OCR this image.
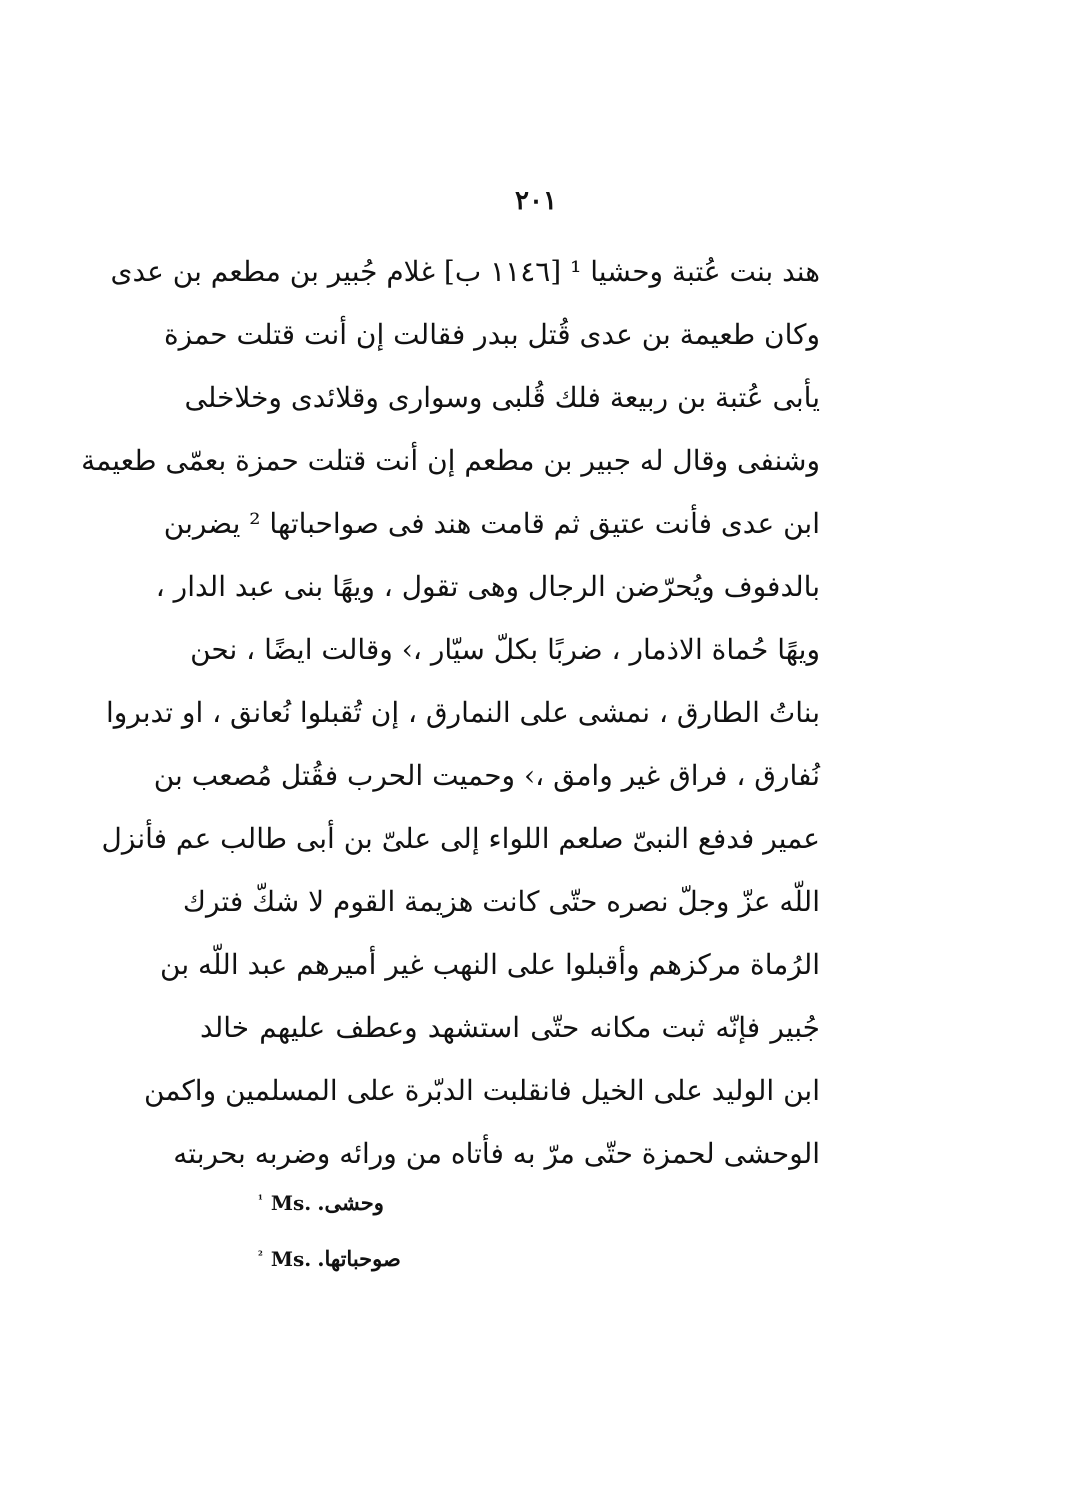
٢٠١
هند بنت عُتبة وحشيا ¹ [١١٤٦ ب] غلام جُبير بن مطعم بن عدى
وكان طعيمة بن عدى قُتل ببدر فقالت إن أنت قتلت حمزة
يأبى عُتبة بن ربيعة فلك قُلبى وسوارى وقلائدى وخلاخلى
وشنفى وقال له جبير بن مطعم إن أنت قتلت حمزة بعمّى طعيمة
ابن عدى فأنت عتيق ثم قامت هند فى صواحباتها ² يضربن
بالدفوف ويُحرّضن الرجال وهى تقول ، ويهًا بنى عبد الدار ،
ويهًا حُماة الاذمار ، ضربًا بكلّ سيّار ،› وقالت ايضًا ، نحن
بناتُ الطارق ، نمشى على النمارق ، إن تُقبلوا نُعانق ، او تدبروا
نُفارق ، فراق غير وامق ،› وحميت الحرب فقُتل مُصعب بن
عمير فدفع النبىّ صلعم اللواء إلى علىّ بن أبى طالب عم فأنزل
اللّه عزّ وجلّ نصره حتّى كانت هزيمة القوم لا شكّ فترك
الرُماة مركزهم وأقبلوا على النهب غير أميرهم عبد اللّه بن
جُبير فإنّه ثبت مكانه حتّى استشهد وعطف عليهم خالد
ابن الوليد على الخيل فانقلبت الدبّرة على المسلمين واكمن
الوحشى لحمزة حتّى مرّ به فأتاه من ورائه وضربه بحربته
¹ Ms. وحشى.
² Ms. صوحباتها.
